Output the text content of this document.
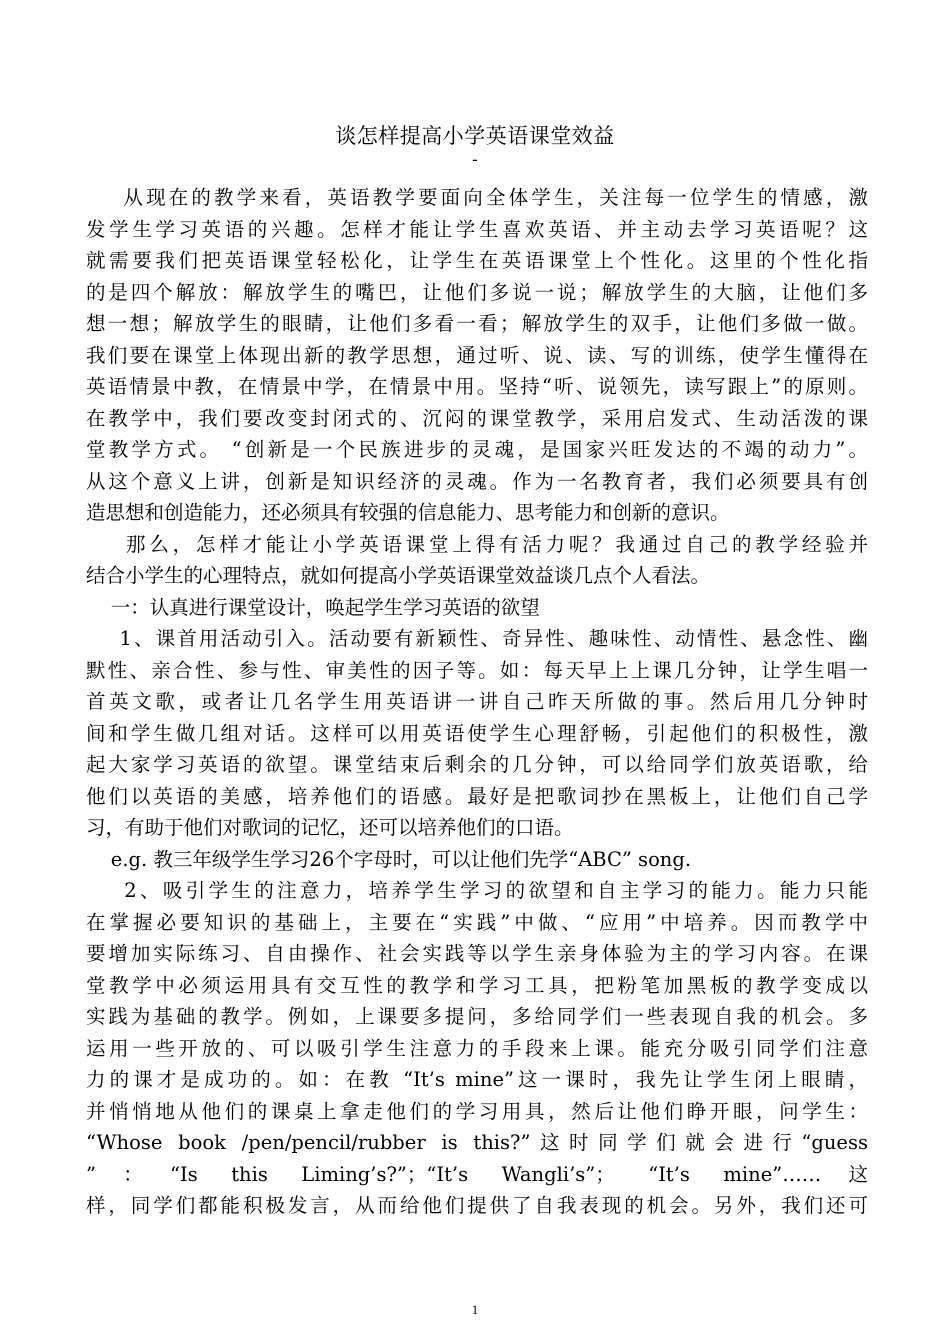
谈怎样提高小学英语课堂效益
-
从现在的教学来看，英语教学要面向全体学生，关注每一位学生的情感，激
发学生学习英语的兴趣。怎样才能让学生喜欢英语、并主动去学习英语呢？这
就需要我们把英语课堂轻松化，让学生在英语课堂上个性化。这里的个性化指
的是四个解放：解放学生的嘴巴，让他们多说一说；解放学生的大脑，让他们多
想一想；解放学生的眼睛，让他们多看一看；解放学生的双手，让他们多做一做。
我们要在课堂上体现出新的教学思想，通过听、说、读、写的训练，使学生懂得在
英语情景中教，在情景中学，在情景中用。坚持“听、说领先，读写跟上”的原则。
在教学中，我们要改变封闭式的、沉闷的课堂教学，采用启发式、生动活泼的课
堂教学方式。 “创新是一个民族进步的灵魂，是国家兴旺发达的不竭的动力”。
从这个意义上讲，创新是知识经济的灵魂。作为一名教育者，我们必须要具有创
造思想和创造能力，还必须具有较强的信息能力、思考能力和创新的意识。
那么，怎样才能让小学英语课堂上得有活力呢？我通过自己的教学经验并
结合小学生的心理特点，就如何提高小学英语课堂效益谈几点个人看法。
一：认真进行课堂设计，唤起学生学习英语的欲望
1、课首用活动引入。活动要有新颖性、奇异性、趣味性、动情性、悬念性、幽
默性、亲合性、参与性、审美性的因子等。如：每天早上上课几分钟，让学生唱一
首英文歌，或者让几名学生用英语讲一讲自己昨天所做的事。然后用几分钟时
间和学生做几组对话。这样可以用英语使学生心理舒畅，引起他们的积极性，激
起大家学习英语的欲望。课堂结束后剩余的几分钟，可以给同学们放英语歌，给
他们以英语的美感，培养他们的语感。最好是把歌词抄在黑板上，让他们自己学
习，有助于他们对歌词的记忆，还可以培养他们的口语。
e.g. 教三年级学生学习26个字母时，可以让他们先学“ABC” song.
2、吸引学生的注意力，培养学生学习的欲望和自主学习的能力。能力只能
在掌握必要知识的基础上，主要在“实践”中做、“应用”中培养。因而教学中
要增加实际练习、自由操作、社会实践等以学生亲身体验为主的学习内容。在课
堂教学中必须运用具有交互性的教学和学习工具，把粉笔加黑板的教学变成以
实践为基础的教学。例如，上课要多提问，多给同学们一些表现自我的机会。多
运用一些开放的、可以吸引学生注意力的手段来上课。能充分吸引同学们注意
力的课才是成功的。如：在教 “It’s mine”这一课时，我先让学生闭上眼睛，
并悄悄地从他们的课桌上拿走他们的学习用具，然后让他们睁开眼，问学生：
“Whose book /pen/pencil/rubber is this?”这时同学们就会进行“guess
”：“Is this Liming’s?”；“It’s Wangli’s”； “It’s mine”……这
样，同学们都能积极发言，从而给他们提供了自我表现的机会。另外，我们还可
1
